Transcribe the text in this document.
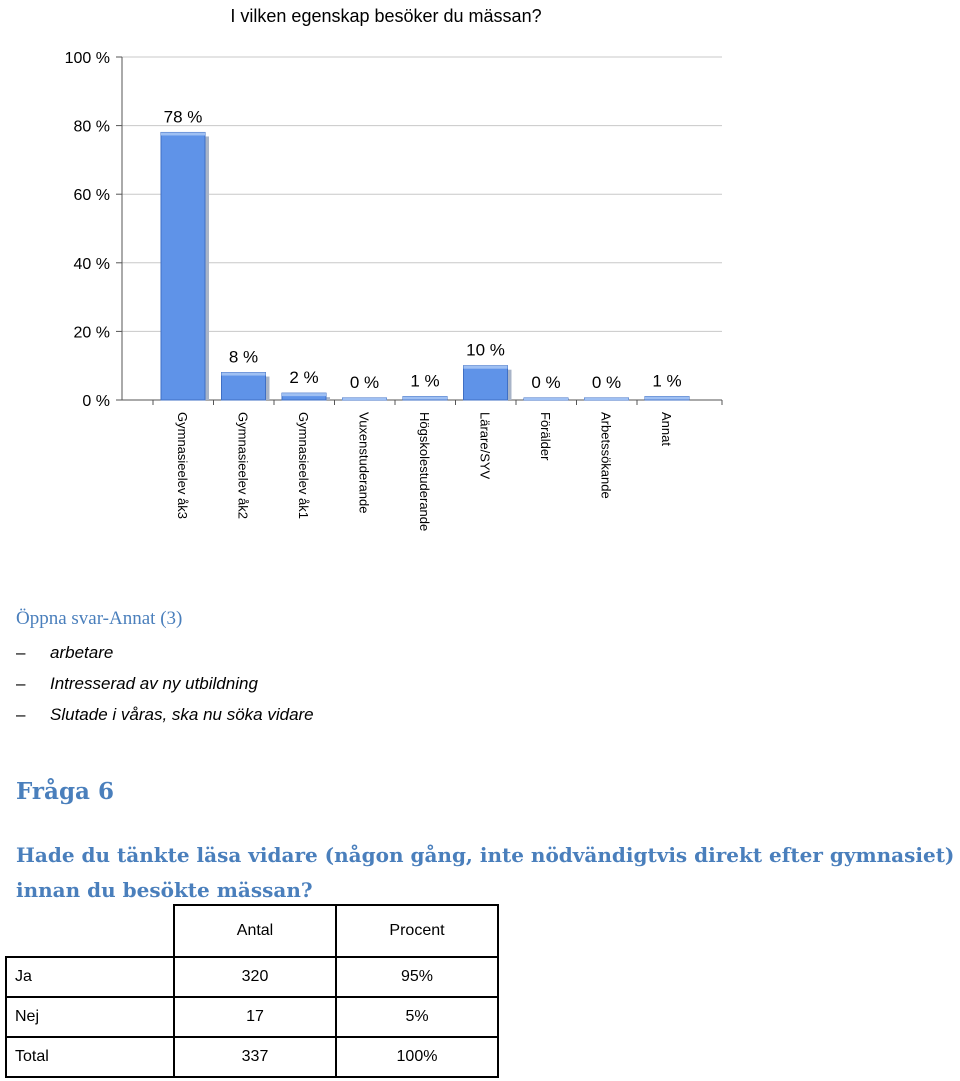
I vilken egenskap besöker du mässan?
100 %
80 %
60 %
40 %
20 %
0 %
78 %
Gymnasieelev åk3
8 %
Gymnasieelev åk2
2 %
Gymnasieelev åk1
0 %
Vuxenstuderande
1 %
Högskolestuderande
10 %
Lärare/SYV
0 %
Förälder
0 %
Arbetssökande
1 %
Annat
Öppna svar-Annat (3)
– arbetare
– Intresserad av ny utbildning
– Slutade i våras, ska nu söka vidare
Fråga 6

Hade du tänkte läsa vidare (någon gång, inte nödvändigtvis direkt efter gymnasiet) innan du besökte mässan?

	Antal	Procent
Ja	320	95%
Nej	17	5%
Total	337	100%
